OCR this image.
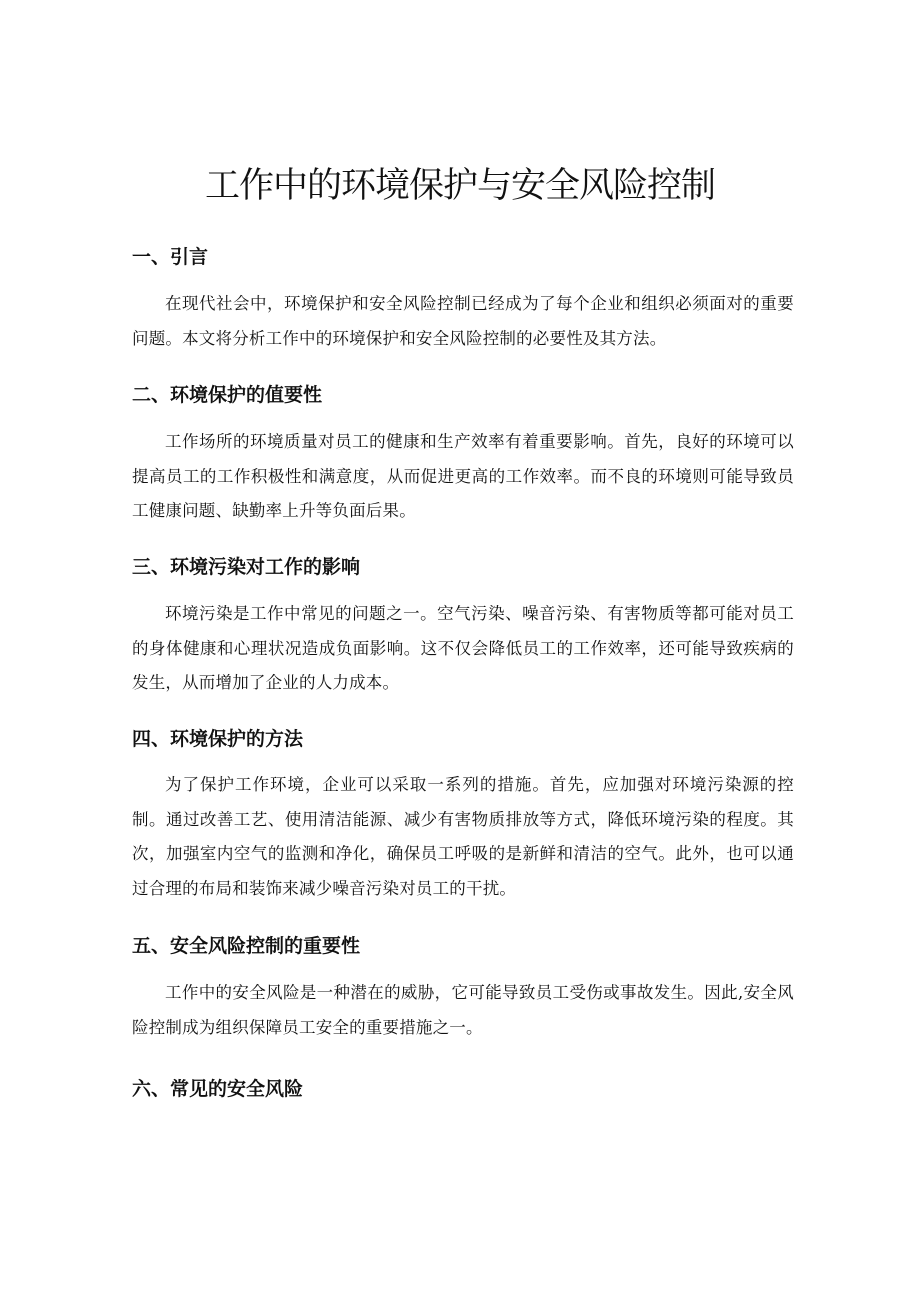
工作中的环境保护与安全风险控制
一、引言

在现代社会中，环境保护和安全风险控制已经成为了每个企业和组织必须面对的重要问题。本文将分析工作中的环境保护和安全风险控制的必要性及其方法。

二、环境保护的值要性

工作场所的环境质量对员工的健康和生产效率有着重要影响。首先，良好的环境可以提高员工的工作积极性和满意度，从而促进更高的工作效率。而不良的环境则可能导致员工健康问题、缺勤率上升等负面后果。

三、环境污染对工作的影响

环境污染是工作中常见的问题之一。空气污染、噪音污染、有害物质等都可能对员工的身体健康和心理状况造成负面影响。这不仅会降低员工的工作效率，还可能导致疾病的发生，从而增加了企业的人力成本。

四、环境保护的方法

为了保护工作环境，企业可以采取一系列的措施。首先，应加强对环境污染源的控制。通过改善工艺、使用清洁能源、减少有害物质排放等方式，降低环境污染的程度。其次，加强室内空气的监测和净化，确保员工呼吸的是新鲜和清洁的空气。此外，也可以通过合理的布局和装饰来减少噪音污染对员工的干扰。

五、安全风险控制的重要性

工作中的安全风险是一种潜在的威胁，它可能导致员工受伤或事故发生。因此,安全风险控制成为组织保障员工安全的重要措施之一。

六、常见的安全风险
